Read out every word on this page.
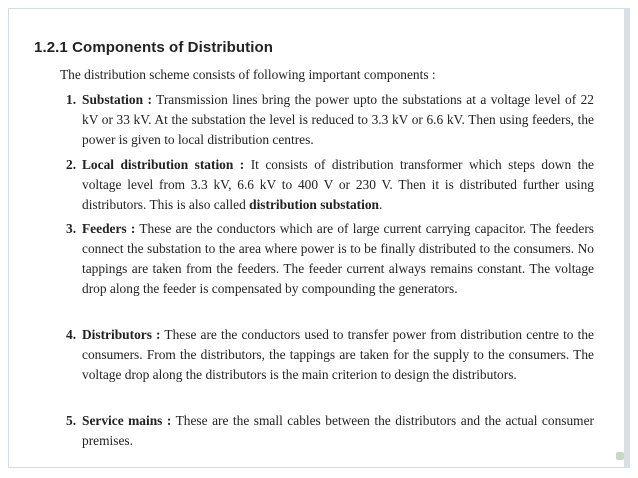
1.2.1 Components of Distribution

The distribution scheme consists of following important components :

1. Substation : Transmission lines bring the power upto the substations at a voltage level of 22 kV or 33 kV. At the substation the level is reduced to 3.3 kV or 6.6 kV. Then using feeders, the power is given to local distribution centres.
2. Local distribution station : It consists of distribution transformer which steps down the voltage level from 3.3 kV, 6.6 kV to 400 V or 230 V. Then it is distributed further using distributors. This is also called distribution substation.
3. Feeders : These are the conductors which are of large current carrying capacitor. The feeders connect the substation to the area where power is to be finally distributed to the consumers. No tappings are taken from the feeders. The feeder current always remains constant. The voltage drop along the feeder is compensated by compounding the generators.
4. Distributors : These are the conductors used to transfer power from distribution centre to the consumers. From the distributors, the tappings are taken for the supply to the consumers. The voltage drop along the distributors is the main criterion to design the distributors.
5. Service mains : These are the small cables between the distributors and the actual consumer premises.
